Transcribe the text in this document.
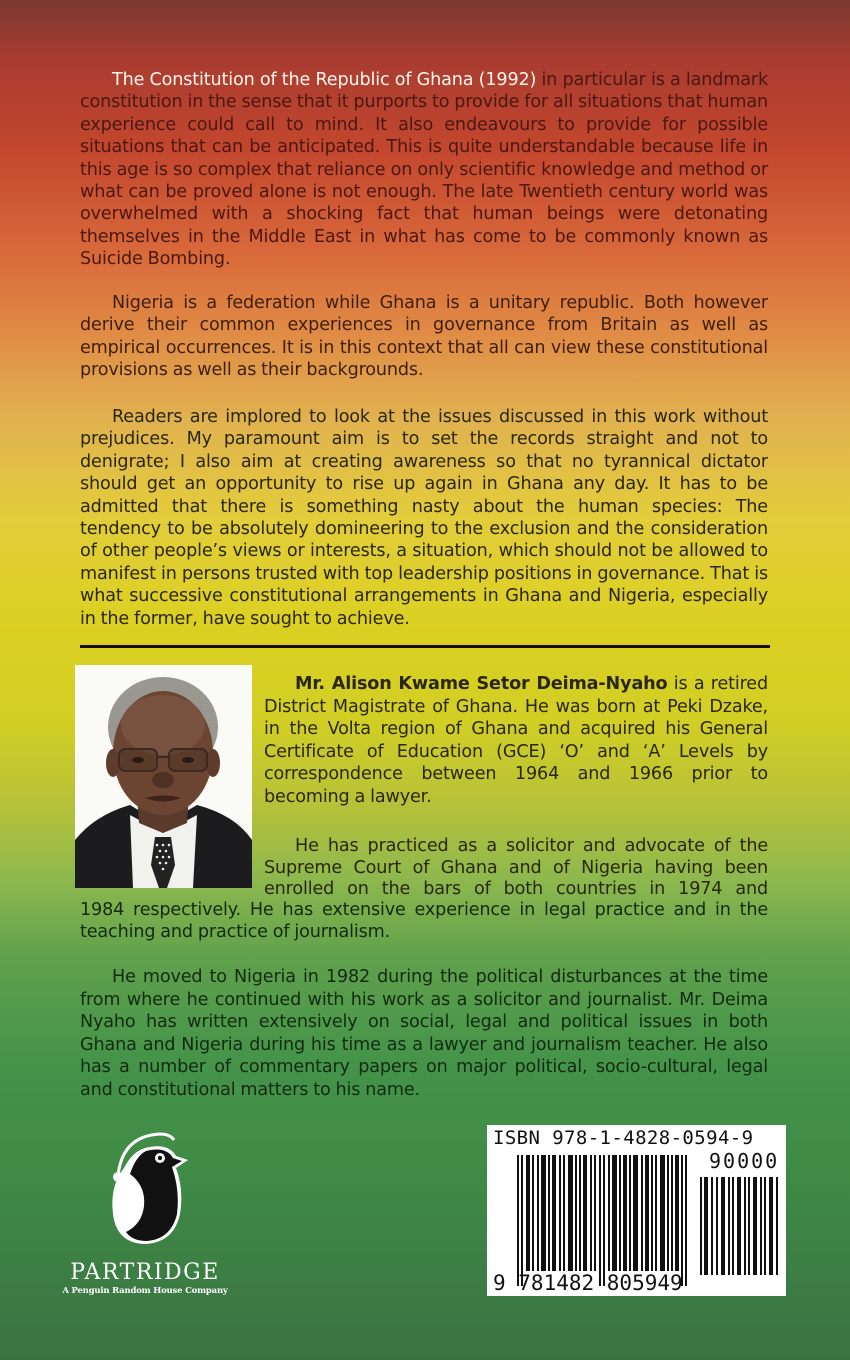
The Constitution of the Republic of Ghana (1992) in particular is a landmark constitution in the sense that it purports to provide for all situations that human experience could call to mind. It also endeavours to provide for possible situations that can be anticipated. This is quite understandable because life in this age is so complex that reliance on only scientific knowledge and method or what can be proved alone is not enough. The late Twentieth century world was overwhelmed with a shocking fact that human beings were detonating themselves in the Middle East in what has come to be commonly known as Suicide Bombing.
Nigeria is a federation while Ghana is a unitary republic. Both however derive their common experiences in governance from Britain as well as empirical occurrences. It is in this context that all can view these constitutional provisions as well as their backgrounds.
Readers are implored to look at the issues discussed in this work without prejudices. My paramount aim is to set the records straight and not to denigrate; I also aim at creating awareness so that no tyrannical dictator should get an opportunity to rise up again in Ghana any day. It has to be admitted that there is something nasty about the human species: The tendency to be absolutely domineering to the exclusion and the consideration of other people’s views or interests, a situation, which should not be allowed to manifest in persons trusted with top leadership positions in governance. That is what successive constitutional arrangements in Ghana and Nigeria, especially in the former, have sought to achieve.
Mr. Alison Kwame Setor Deima-Nyaho is a retired District Magistrate of Ghana. He was born at Peki Dzake, in the Volta region of Ghana and acquired his General Certificate of Education (GCE) ‘O’ and ‘A’ Levels by correspondence between 1964 and 1966 prior to becoming a lawyer.
He has practiced as a solicitor and advocate of the Supreme Court of Ghana and of Nigeria having been enrolled on the bars of both countries in 1974 and
1984 respectively. He has extensive experience in legal practice and in the teaching and practice of journalism.
He moved to Nigeria in 1982 during the political disturbances at the time from where he continued with his work as a solicitor and journalist. Mr. Deima Nyaho has written extensively on social, legal and political issues in both Ghana and Nigeria during his time as a lawyer and journalism teacher. He also has a number of commentary papers on major political, socio-cultural, legal and constitutional matters to his name.
PARTRIDGE
A Penguin Random House Company
ISBN 978-1-4828-0594-9
90000
9 781482 805949
